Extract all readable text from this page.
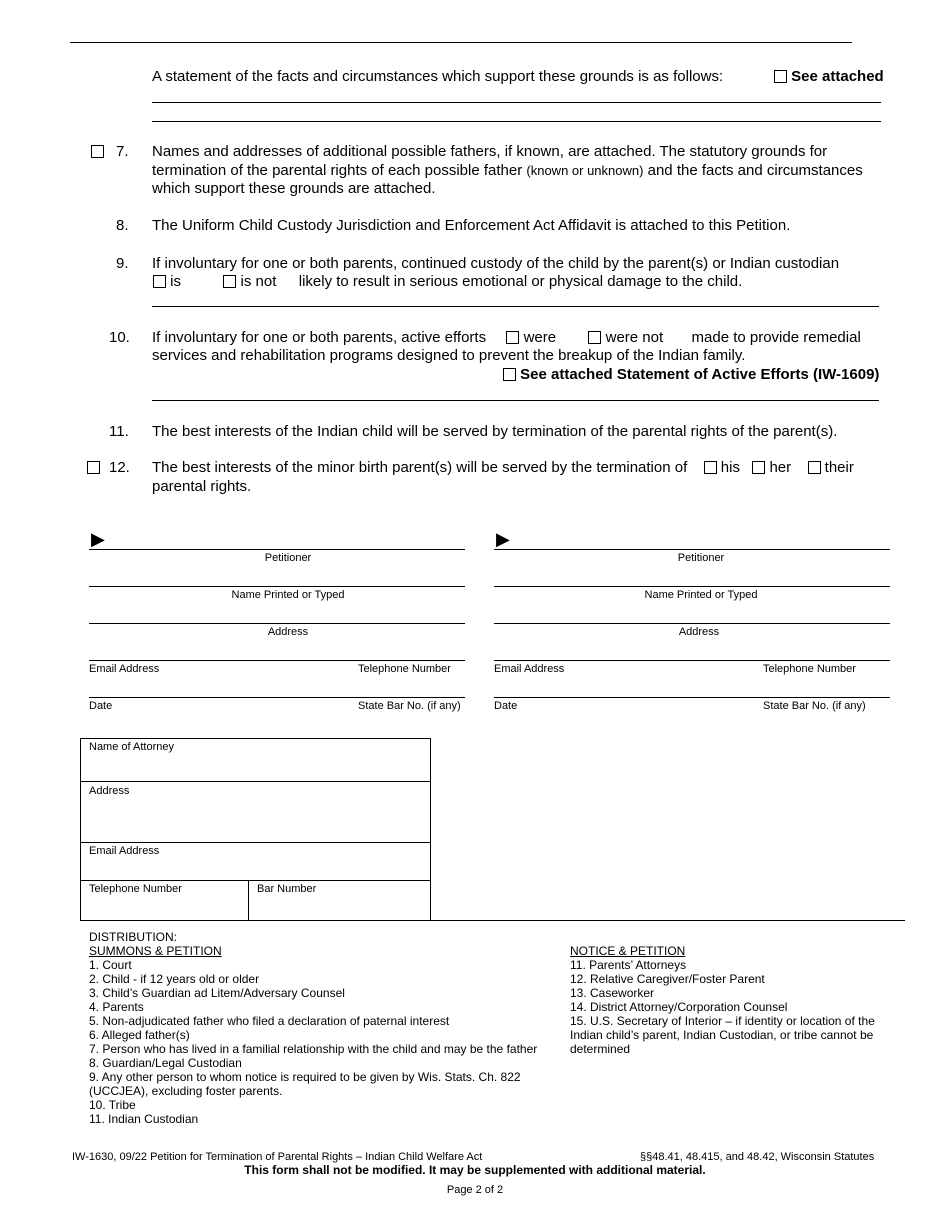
A statement of the facts and circumstances which support these grounds is as follows:	See attached
7. Names and addresses of additional possible fathers, if known, are attached. The statutory grounds for
termination of the parental rights of each possible father (known or unknown) and the facts and circumstances
which support these grounds are attached.
8. The Uniform Child Custody Jurisdiction and Enforcement Act Affidavit is attached to this Petition.
9. If involuntary for one or both parents, continued custody of the child by the parent(s) or Indian custodian
is	is not likely to result in serious emotional or physical damage to the child.
10. If involuntary for one or both parents, active efforts	were	were not made to provide remedial
services and rehabilitation programs designed to prevent the breakup of the Indian family.
See attached Statement of Active Efforts (IW-1609)
11. The best interests of the Indian child will be served by termination of the parental rights of the parent(s).
12. The best interests of the minor birth parent(s) will be served by the termination of his her their
parental rights.
▶
Petitioner
Name Printed or Typed
Address
Email Address	Telephone Number
Date	State Bar No. (if any)
▶
Petitioner
Name Printed or Typed
Address
Email Address	Telephone Number
Date	State Bar No. (if any)
Name of Attorney
Address
Email Address
Telephone Number	Bar Number
DISTRIBUTION:
SUMMONS & PETITION
1. Court
2. Child - if 12 years old or older
3. Child’s Guardian ad Litem/Adversary Counsel
4. Parents
5. Non-adjudicated father who filed a declaration of paternal interest
6. Alleged father(s)
7. Person who has lived in a familial relationship with the child and may be the father
8. Guardian/Legal Custodian
9. Any other person to whom notice is required to be given by Wis. Stats. Ch. 822
(UCCJEA), excluding foster parents.
10. Tribe
11. Indian Custodian
NOTICE & PETITION
11. Parents’ Attorneys
12. Relative Caregiver/Foster Parent
13. Caseworker
14. District Attorney/Corporation Counsel
15. U.S. Secretary of Interior – if identity or location of the
Indian child’s parent, Indian Custodian, or tribe cannot be
determined
IW-1630, 09/22 Petition for Termination of Parental Rights – Indian Child Welfare Act	§§48.41, 48.415, and 48.42, Wisconsin Statutes
This form shall not be modified. It may be supplemented with additional material.
Page 2 of 2
